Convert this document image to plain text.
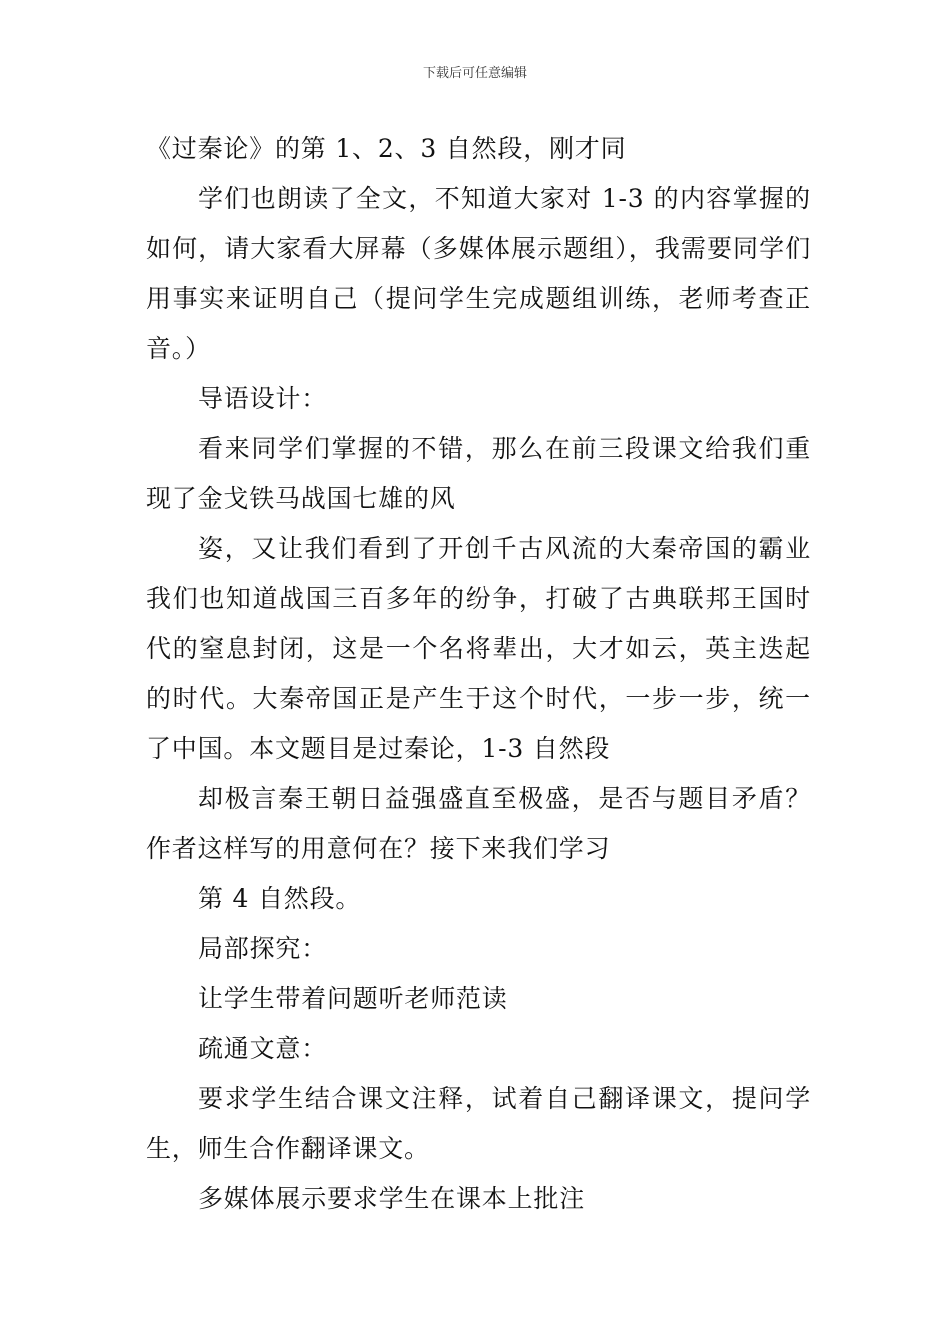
下载后可任意编辑

《过秦论》的第 1、2、3 自然段，刚才同

学们也朗读了全文，不知道大家对 1-3 的内容掌握的如何，请大家看大屏幕（多媒体展示题组），我需要同学们用事实来证明自己（提问学生完成题组训练，老师考查正音。）

导语设计：

看来同学们掌握的不错，那么在前三段课文给我们重现了金戈铁马战国七雄的风

姿，又让我们看到了开创千古风流的大秦帝国的霸业我们也知道战国三百多年的纷争，打破了古典联邦王国时代的窒息封闭，这是一个名将辈出，大才如云，英主迭起的时代。大秦帝国正是产生于这个时代，一步一步，统一了中国。本文题目是过秦论，1-3 自然段

却极言秦王朝日益强盛直至极盛，是否与题目矛盾？作者这样写的用意何在？接下来我们学习

第 4 自然段。

局部探究：

让学生带着问题听老师范读

疏通文意：

要求学生结合课文注释，试着自己翻译课文，提问学生，师生合作翻译课文。

多媒体展示要求学生在课本上批注
